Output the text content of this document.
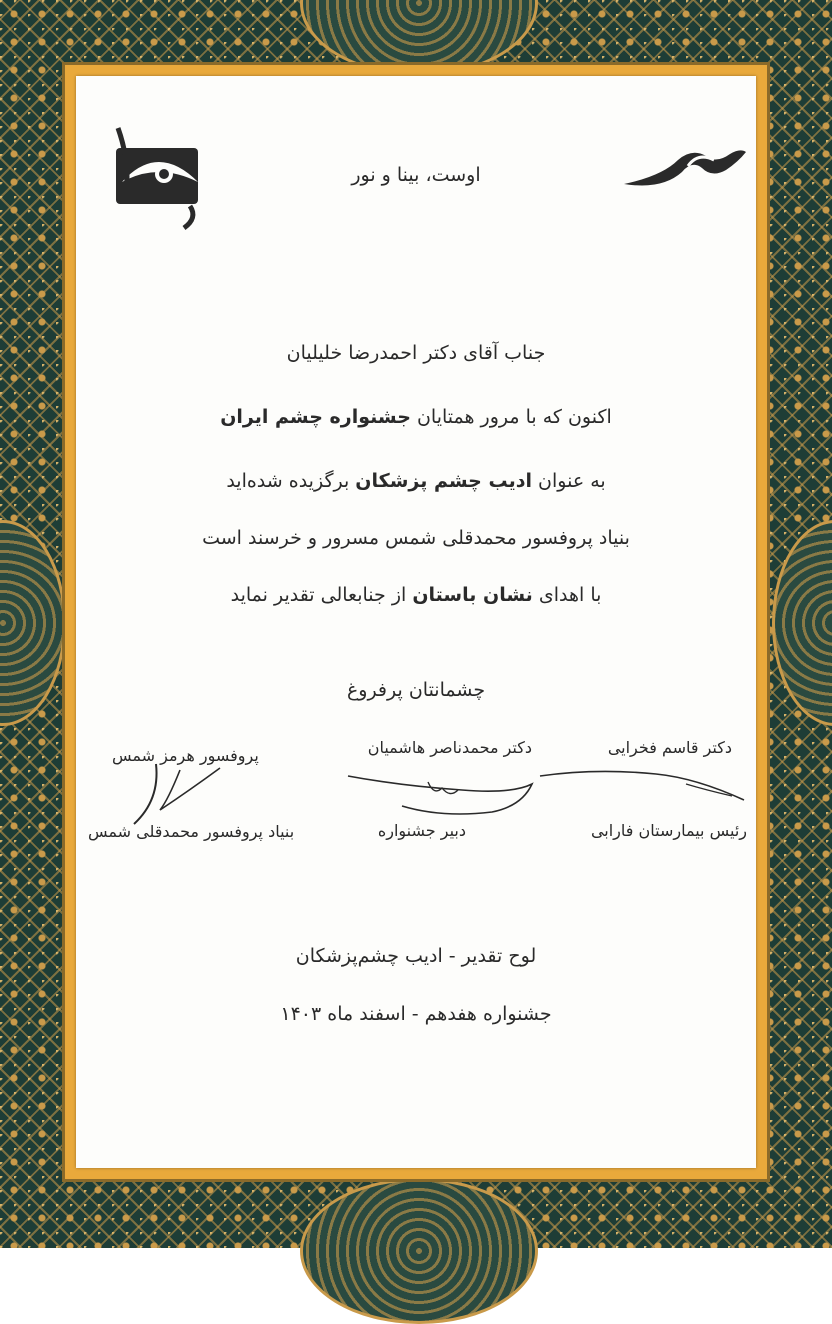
اوست، بینا و نور
جناب آقای دکتر احمدرضا خلیلیان
اکنون که با مرور همتایان جشنواره چشم ایران
به عنوان ادیب چشم پزشکان برگزیده شده‌اید
بنیاد پروفسور محمدقلی شمس مسرور و خرسند است
با اهدای نشان باستان از جنابعالی تقدیر نماید
چشمانتان پرفروغ
دکتر قاسم فخرایی
رئیس بیمارستان فارابی
دکتر محمدناصر هاشمیان
دبیر جشنواره
پروفسور هرمز شمس
بنیاد پروفسور محمدقلی شمس
لوح تقدیر - ادیب چشم‌پزشکان
جشنواره هفدهم - اسفند ماه ۱۴۰۳
